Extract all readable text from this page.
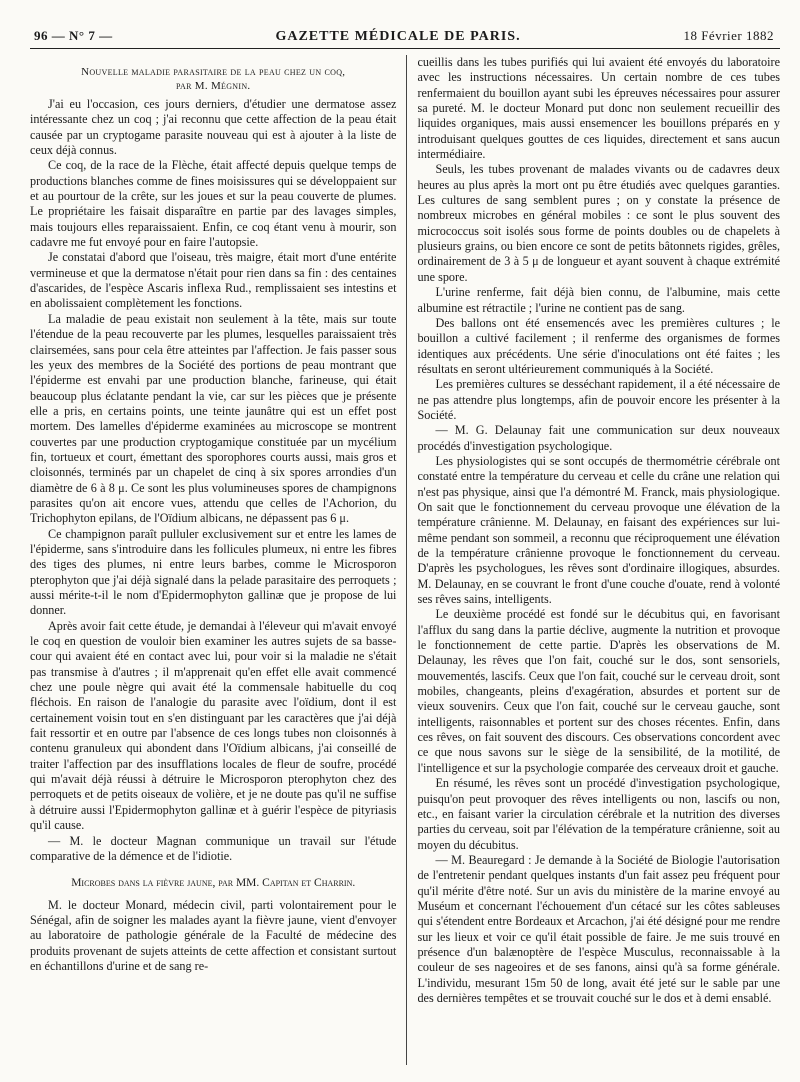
96 — N° 7 —	GAZETTE MÉDICALE DE PARIS.	18 Février 1882
Nouvelle maladie parasitaire de la peau chez un coq,
par M. Mégnin.

J'ai eu l'occasion, ces jours derniers, d'étudier une dermatose assez intéressante chez un coq ; j'ai reconnu que cette affection de la peau était causée par un cryptogame parasite nouveau qui est à ajouter à la liste de ceux déjà connus.

Ce coq, de la race de la Flèche, était affecté depuis quelque temps de productions blanches comme de fines moisissures qui se développaient sur et au pourtour de la crête, sur les joues et sur la peau couverte de plumes. Le propriétaire les faisait disparaître en partie par des lavages simples, mais toujours elles reparaissaient. Enfin, ce coq étant venu à mourir, son cadavre me fut envoyé pour en faire l'autopsie.

Je constatai d'abord que l'oiseau, très maigre, était mort d'une entérite vermineuse et que la dermatose n'était pour rien dans sa fin : des centaines d'ascarides, de l'espèce Ascaris inflexa Rud., remplissaient ses intestins et en abolissaient complètement les fonctions.

La maladie de peau existait non seulement à la tête, mais sur toute l'étendue de la peau recouverte par les plumes, lesquelles paraissaient très clairsemées, sans pour cela être atteintes par l'affection. Je fais passer sous les yeux des membres de la Société des portions de peau montrant que l'épiderme est envahi par une production blanche, farineuse, qui était beaucoup plus éclatante pendant la vie, car sur les pièces que je présente elle a pris, en certains points, une teinte jaunâtre qui est un effet post mortem. Des lamelles d'épiderme examinées au microscope se montrent couvertes par une production cryptogamique constituée par un mycélium fin, tortueux et court, émettant des sporophores courts aussi, mais gros et cloisonnés, terminés par un chapelet de cinq à six spores arrondies d'un diamètre de 6 à 8 μ. Ce sont les plus volumineuses spores de champignons parasites qu'on ait encore vues, attendu que celles de l'Achorion, du Trichophyton epilans, de l'Oïdium albicans, ne dépassent pas 6 μ.

Ce champignon paraît pulluler exclusivement sur et entre les lames de l'épiderme, sans s'introduire dans les follicules plumeux, ni entre les fibres des tiges des plumes, ni entre leurs barbes, comme le Microsporon pterophyton que j'ai déjà signalé dans la pelade parasitaire des perroquets ; aussi mérite-t-il le nom d'Epidermophyton gallinæ que je propose de lui donner.

Après avoir fait cette étude, je demandai à l'éleveur qui m'avait envoyé le coq en question de vouloir bien examiner les autres sujets de sa basse-cour qui avaient été en contact avec lui, pour voir si la maladie ne s'était pas transmise à d'autres ; il m'apprenait qu'en effet elle avait commencé chez une poule nègre qui avait été la commensale habituelle du coq fléchois. En raison de l'analogie du parasite avec l'oïdium, dont il est certainement voisin tout en s'en distinguant par les caractères que j'ai déjà fait ressortir et en outre par l'absence de ces longs tubes non cloisonnés à contenu granuleux qui abondent dans l'Oïdium albicans, j'ai conseillé de traiter l'affection par des insufflations locales de fleur de soufre, procédé qui m'avait déjà réussi à détruire le Microsporon pterophyton chez des perroquets et de petits oiseaux de volière, et je ne doute pas qu'il ne suffise à détruire aussi l'Epidermophyton gallinæ et à guérir l'espèce de pityriasis qu'il cause.

— M. le docteur Magnan communique un travail sur l'étude comparative de la démence et de l'idiotie.

Microbes dans la fièvre jaune, par MM. Capitan et Charrin.

M. le docteur Monard, médecin civil, parti volontairement pour le Sénégal, afin de soigner les malades ayant la fièvre jaune, vient d'envoyer au laboratoire de pathologie générale de la Faculté de médecine des produits provenant de sujets atteints de cette affection et consistant surtout en échantillons d'urine et de sang re-

cueillis dans les tubes purifiés qui lui avaient été envoyés du laboratoire avec les instructions nécessaires. Un certain nombre de ces tubes renfermaient du bouillon ayant subi les épreuves nécessaires pour assurer sa pureté. M. le docteur Monard put donc non seulement recueillir des liquides organiques, mais aussi ensemencer les bouillons préparés en y introduisant quelques gouttes de ces liquides, directement et sans aucun intermédiaire.

Seuls, les tubes provenant de malades vivants ou de cadavres deux heures au plus après la mort ont pu être étudiés avec quelques garanties. Les cultures de sang semblent pures ; on y constate la présence de nombreux microbes en général mobiles : ce sont le plus souvent des micrococcus soit isolés sous forme de points doubles ou de chapelets à plusieurs grains, ou bien encore ce sont de petits bâtonnets rigides, grêles, ordinairement de 3 à 5 μ de longueur et ayant souvent à chaque extrémité une spore.

L'urine renferme, fait déjà bien connu, de l'albumine, mais cette albumine est rétractile ; l'urine ne contient pas de sang.

Des ballons ont été ensemencés avec les premières cultures ; le bouillon a cultivé facilement ; il renferme des organismes de formes identiques aux précédents. Une série d'inoculations ont été faites ; les résultats en seront ultérieurement communiqués à la Société.

Les premières cultures se desséchant rapidement, il a été nécessaire de ne pas attendre plus longtemps, afin de pouvoir encore les présenter à la Société.

— M. G. Delaunay fait une communication sur deux nouveaux procédés d'investigation psychologique.

Les physiologistes qui se sont occupés de thermométrie cérébrale ont constaté entre la température du cerveau et celle du crâne une relation qui n'est pas physique, ainsi que l'a démontré M. Franck, mais physiologique. On sait que le fonctionnement du cerveau provoque une élévation de la température crânienne. M. Delaunay, en faisant des expériences sur lui-même pendant son sommeil, a reconnu que réciproquement une élévation de la température crânienne provoque le fonctionnement du cerveau. D'après les psychologues, les rêves sont d'ordinaire illogiques, absurdes. M. Delaunay, en se couvrant le front d'une couche d'ouate, rend à volonté ses rêves sains, intelligents.

Le deuxième procédé est fondé sur le décubitus qui, en favorisant l'afflux du sang dans la partie déclive, augmente la nutrition et provoque le fonctionnement de cette partie. D'après les observations de M. Delaunay, les rêves que l'on fait, couché sur le dos, sont sensoriels, mouvementés, lascifs. Ceux que l'on fait, couché sur le cerveau droit, sont mobiles, changeants, pleins d'exagération, absurdes et portent sur de vieux souvenirs. Ceux que l'on fait, couché sur le cerveau gauche, sont intelligents, raisonnables et portent sur des choses récentes. Enfin, dans ces rêves, on fait souvent des discours. Ces observations concordent avec ce que nous savons sur le siège de la sensibilité, de la motilité, de l'intelligence et sur la psychologie comparée des cerveaux droit et gauche.

En résumé, les rêves sont un procédé d'investigation psychologique, puisqu'on peut provoquer des rêves intelligents ou non, lascifs ou non, etc., en faisant varier la circulation cérébrale et la nutrition des diverses parties du cerveau, soit par l'élévation de la température crânienne, soit au moyen du décubitus.

— M. Beauregard : Je demande à la Société de Biologie l'autorisation de l'entretenir pendant quelques instants d'un fait assez peu fréquent pour qu'il mérite d'être noté. Sur un avis du ministère de la marine envoyé au Muséum et concernant l'échouement d'un cétacé sur les côtes sableuses qui s'étendent entre Bordeaux et Arcachon, j'ai été désigné pour me rendre sur les lieux et voir ce qu'il était possible de faire. Je me suis trouvé en présence d'un balænoptère de l'espèce Musculus, reconnaissable à la couleur de ses nageoires et de ses fanons, ainsi qu'à sa forme générale. L'individu, mesurant 15m 50 de long, avait été jeté sur le sable par une des dernières tempêtes et se trouvait couché sur le dos et à demi ensablé.
